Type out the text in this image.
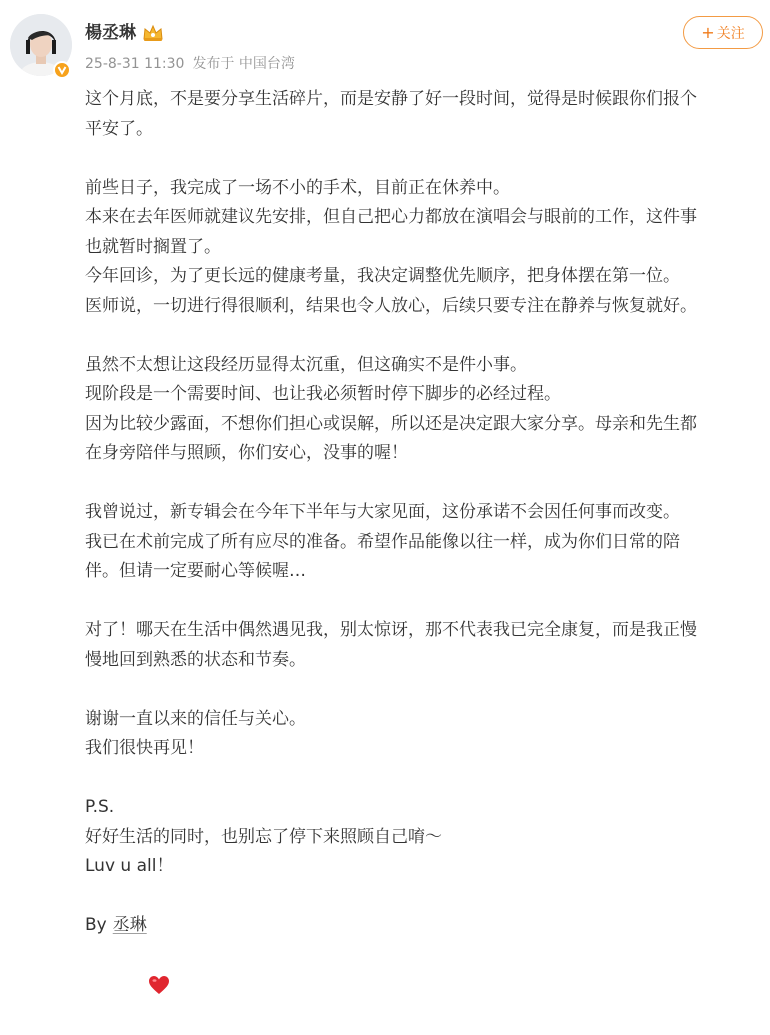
楊丞琳
25-8-31 11:30 发布于 中国台湾
+ 关注

这个月底，不是要分享生活碎片，而是安静了好一段时间，觉得是时候跟你们报个

平安了。

前些日子，我完成了一场不小的手术，目前正在休养中。

本来在去年医师就建议先安排，但自己把心力都放在演唱会与眼前的工作，这件事

也就暂时搁置了。

今年回诊，为了更长远的健康考量，我决定调整优先顺序，把身体摆在第一位。

医师说，一切进行得很顺利，结果也令人放心，后续只要专注在静养与恢复就好。

虽然不太想让这段经历显得太沉重，但这确实不是件小事。

现阶段是一个需要时间、也让我必须暂时停下脚步的必经过程。

因为比较少露面，不想你们担心或误解，所以还是决定跟大家分享。母亲和先生都

在身旁陪伴与照顾，你们安心，没事的喔！

我曾说过，新专辑会在今年下半年与大家见面，这份承诺不会因任何事而改变。

我已在术前完成了所有应尽的准备。希望作品能像以往一样，成为你们日常的陪

伴。但请一定要耐心等候喔…

对了！哪天在生活中偶然遇见我，别太惊讶，那不代表我已完全康复，而是我正慢

慢地回到熟悉的状态和节奏。

谢谢一直以来的信任与关心。

我们很快再见！

P.S.

好好生活的同时，也别忘了停下来照顾自己唷～

Luv u all！

By 丞琳
